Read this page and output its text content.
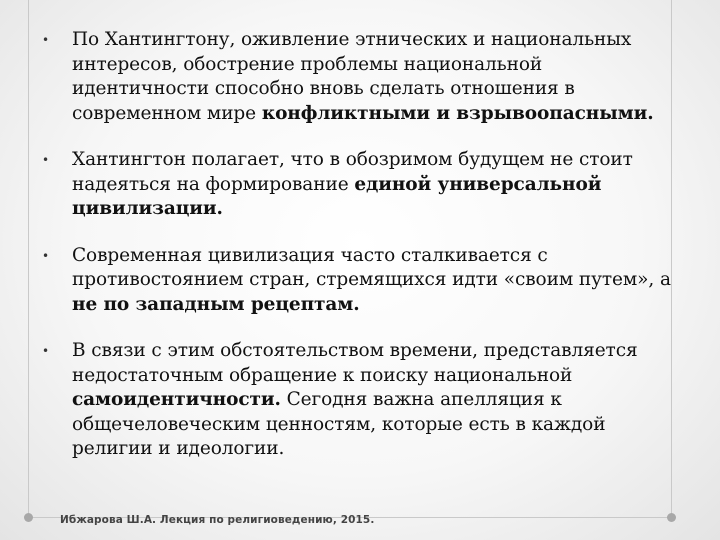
• По Хантингтону, оживление этнических и национальных интересов, обострение проблемы национальной идентичности способно вновь сделать отношения в современном мире конфликтными и взрывоопасными.
• Хантингтон полагает, что в обозримом будущем не стоит надеяться на формирование единой универсальной цивилизации.
• Современная цивилизация часто сталкивается с противостоянием стран, стремящихся идти «своим путем», а не по западным рецептам.
• В связи с этим обстоятельством времени, представляется недостаточным обращение к поиску национальной самоидентичности. Сегодня важна апелляция к общечеловеческим ценностям, которые есть в каждой религии и идеологии.
Ибжарова Ш.А. Лекция по религиоведению, 2015.
